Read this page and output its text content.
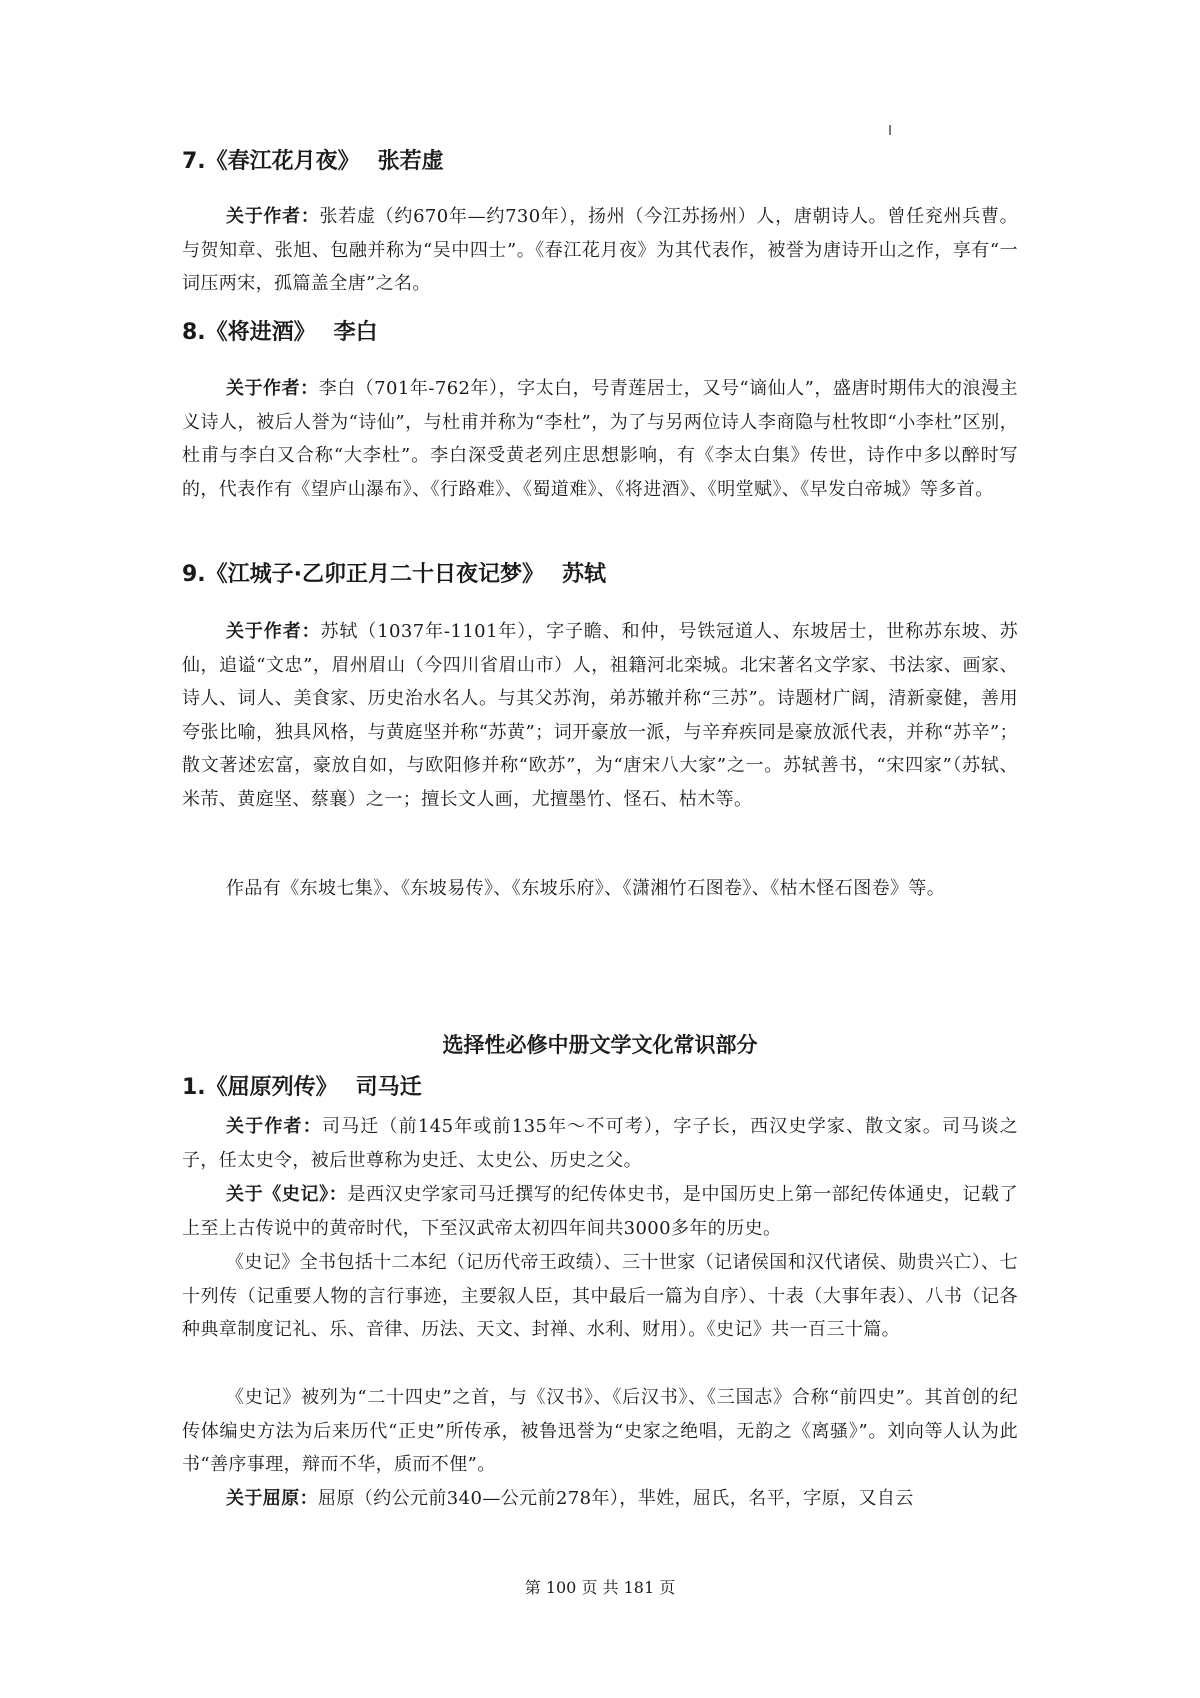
7.《春江花月夜》 张若虚

关于作者：张若虚（约670年—约730年），扬州（今江苏扬州）人，唐朝诗人。曾任兖州兵曹。与贺知章、张旭、包融并称为“吴中四士”。《春江花月夜》为其代表作，被誉为唐诗开山之作，享有“一词压两宋，孤篇盖全唐”之名。

8.《将进酒》 李白

关于作者：李白（701年-762年），字太白，号青莲居士，又号“谪仙人”，盛唐时期伟大的浪漫主义诗人，被后人誉为“诗仙”，与杜甫并称为“李杜”，为了与另两位诗人李商隐与杜牧即“小李杜”区别，杜甫与李白又合称“大李杜”。李白深受黄老列庄思想影响，有《李太白集》传世，诗作中多以醉时写的，代表作有《望庐山瀑布》、《行路难》、《蜀道难》、《将进酒》、《明堂赋》、《早发白帝城》等多首。

9.《江城子·乙卯正月二十日夜记梦》 苏轼

关于作者：苏轼（1037年-1101年），字子瞻、和仲，号铁冠道人、东坡居士，世称苏东坡、苏仙，追谥“文忠”，眉州眉山（今四川省眉山市）人，祖籍河北栾城。北宋著名文学家、书法家、画家、诗人、词人、美食家、历史治水名人。与其父苏洵，弟苏辙并称“三苏”。诗题材广阔，清新豪健，善用夸张比喻，独具风格，与黄庭坚并称“苏黄”；词开豪放一派，与辛弃疾同是豪放派代表，并称“苏辛”；散文著述宏富，豪放自如，与欧阳修并称“欧苏”，为“唐宋八大家”之一。苏轼善书，“宋四家”（苏轼、米芾、黄庭坚、蔡襄）之一；擅长文人画，尤擅墨竹、怪石、枯木等。

作品有《东坡七集》、《东坡易传》、《东坡乐府》、《潇湘竹石图卷》、《枯木怪石图卷》等。

选择性必修中册文学文化常识部分
1.《屈原列传》 司马迁

关于作者：司马迁（前145年或前135年～不可考），字子长，西汉史学家、散文家。司马谈之子，任太史令，被后世尊称为史迁、太史公、历史之父。

关于《史记》：是西汉史学家司马迁撰写的纪传体史书，是中国历史上第一部纪传体通史，记载了上至上古传说中的黄帝时代，下至汉武帝太初四年间共3000多年的历史。

《史记》全书包括十二本纪（记历代帝王政绩）、三十世家（记诸侯国和汉代诸侯、勋贵兴亡）、七十列传（记重要人物的言行事迹，主要叙人臣，其中最后一篇为自序）、十表（大事年表）、八书（记各种典章制度记礼、乐、音律、历法、天文、封禅、水利、财用）。《史记》共一百三十篇。

《史记》被列为“二十四史”之首，与《汉书》、《后汉书》、《三国志》合称“前四史”。其首创的纪传体编史方法为后来历代“正史”所传承，被鲁迅誉为“史家之绝唱，无韵之《离骚》”。刘向等人认为此书“善序事理，辩而不华，质而不俚”。

关于屈原：屈原（约公元前340—公元前278年），芈姓，屈氏，名平，字原，又自云

第 100 页 共 181 页
